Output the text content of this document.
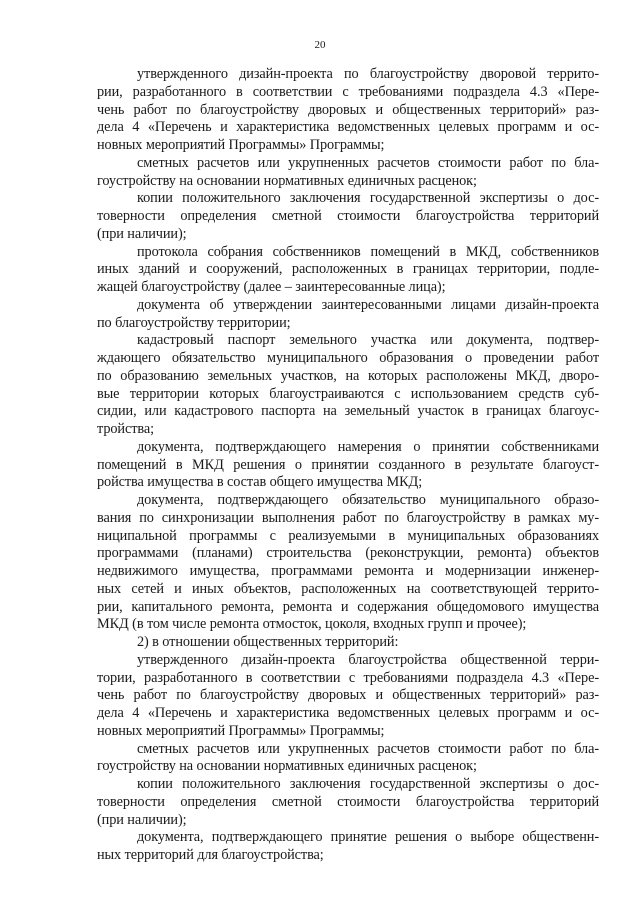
20
утвержденного дизайн-проекта по благоустройству дворовой террито-
рии, разработанного в соответствии с требованиями подраздела 4.3 «Пере-
чень работ по благоустройству дворовых и общественных территорий» раз-
дела 4 «Перечень и характеристика ведомственных целевых программ и ос-
новных мероприятий Программы» Программы;
сметных расчетов или укрупненных расчетов стоимости работ по бла-
гоустройству на основании нормативных единичных расценок;
копии положительного заключения государственной экспертизы о дос-
товерности определения сметной стоимости благоустройства территорий
(при наличии);
протокола собрания собственников помещений в МКД, собственников
иных зданий и сооружений, расположенных в границах территории, подле-
жащей благоустройству (далее – заинтересованные лица);
документа об утверждении заинтересованными лицами дизайн-проекта
по благоустройству территории;
кадастровый паспорт земельного участка или документа, подтвер-
ждающего обязательство муниципального образования о проведении работ
по образованию земельных участков, на которых расположены МКД, дворо-
вые территории которых благоустраиваются с использованием средств суб-
сидии, или кадастрового паспорта на земельный участок в границах благоус-
тройства;
документа, подтверждающего намерения о принятии собственниками
помещений в МКД решения о принятии созданного в результате благоуст-
ройства имущества в состав общего имущества МКД;
документа, подтверждающего обязательство муниципального образо-
вания по синхронизации выполнения работ по благоустройству в рамках му-
ниципальной программы с реализуемыми в муниципальных образованиях
программами (планами) строительства (реконструкции, ремонта) объектов
недвижимого имущества, программами ремонта и модернизации инженер-
ных сетей и иных объектов, расположенных на соответствующей террито-
рии, капитального ремонта, ремонта и содержания общедомового имущества
МКД (в том числе ремонта отмосток, цоколя, входных групп и прочее);
2) в отношении общественных территорий:
утвержденного дизайн-проекта благоустройства общественной терри-
тории, разработанного в соответствии с требованиями подраздела 4.3 «Пере-
чень работ по благоустройству дворовых и общественных территорий» раз-
дела 4 «Перечень и характеристика ведомственных целевых программ и ос-
новных мероприятий Программы» Программы;
сметных расчетов или укрупненных расчетов стоимости работ по бла-
гоустройству на основании нормативных единичных расценок;
копии положительного заключения государственной экспертизы о дос-
товерности определения сметной стоимости благоустройства территорий
(при наличии);
документа, подтверждающего принятие решения о выборе общественн-
ных территорий для благоустройства;
